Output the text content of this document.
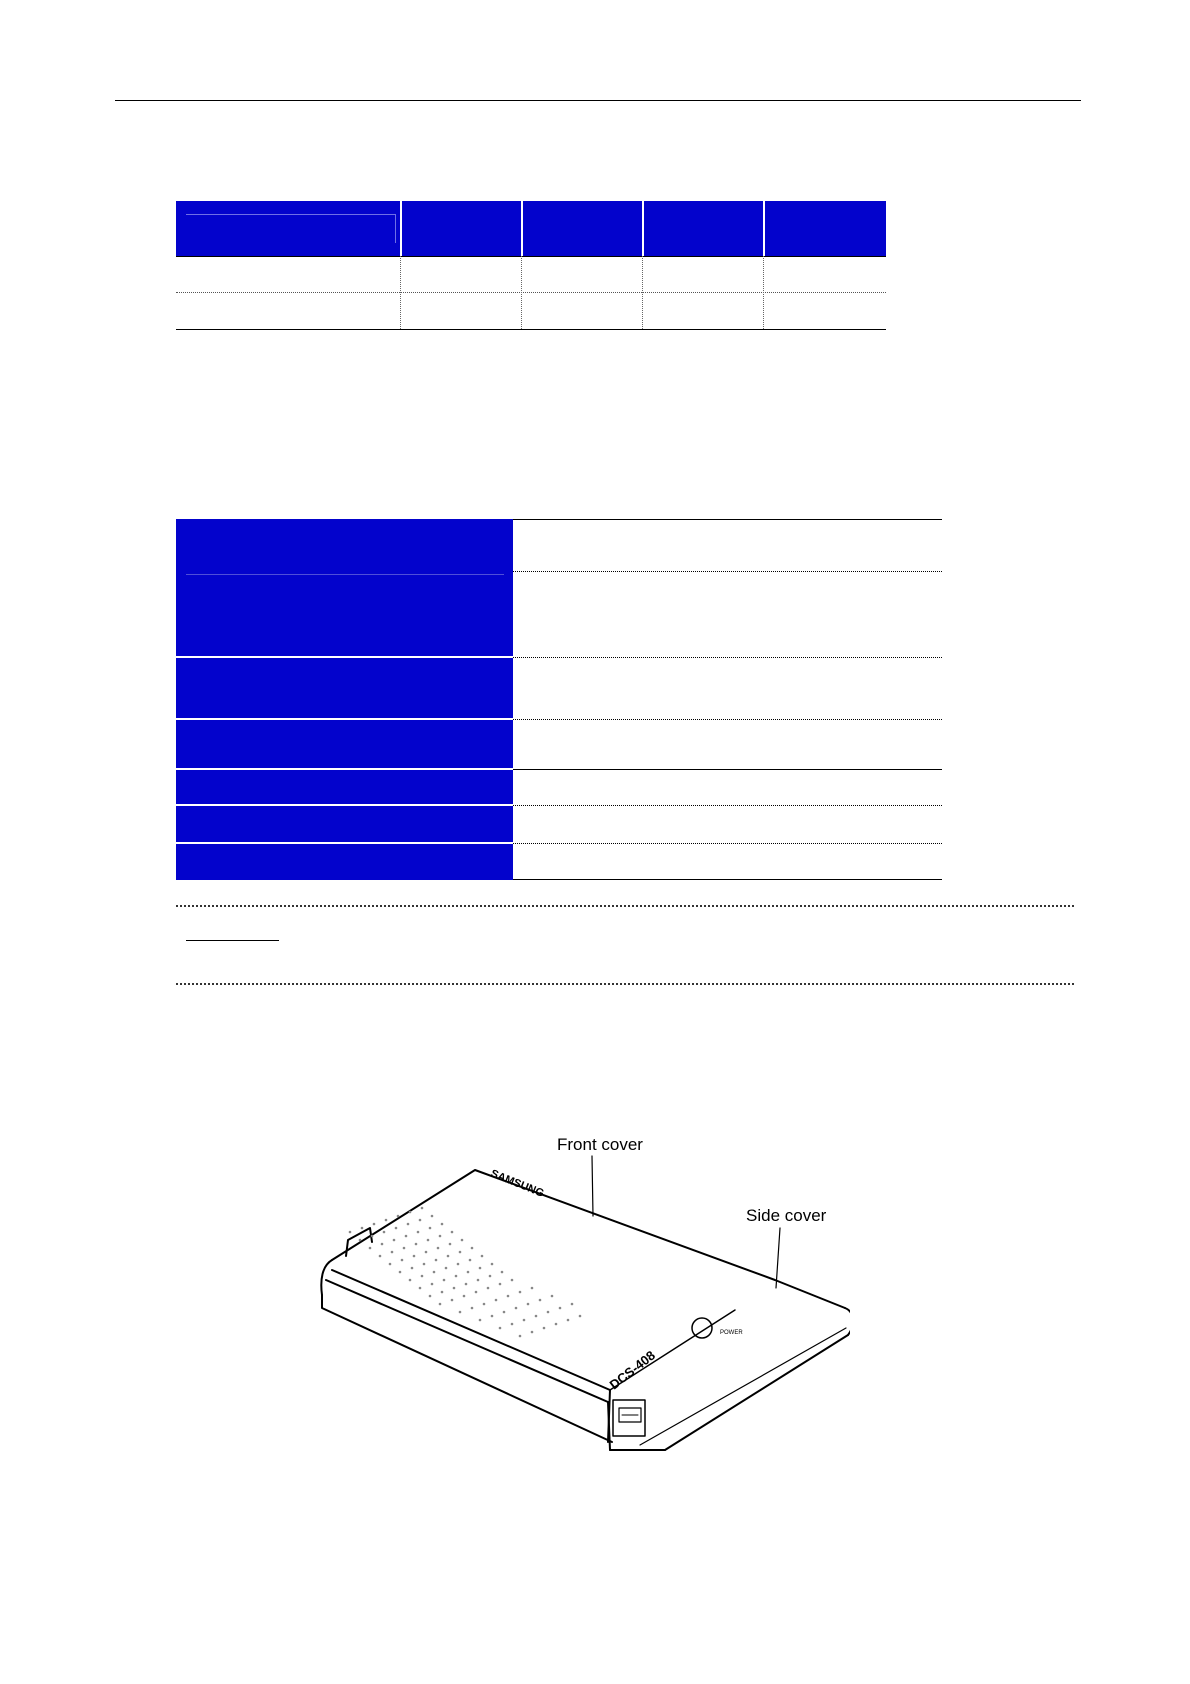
Front cover
Side cover
POWER
SAMSUNG
DCS-408
